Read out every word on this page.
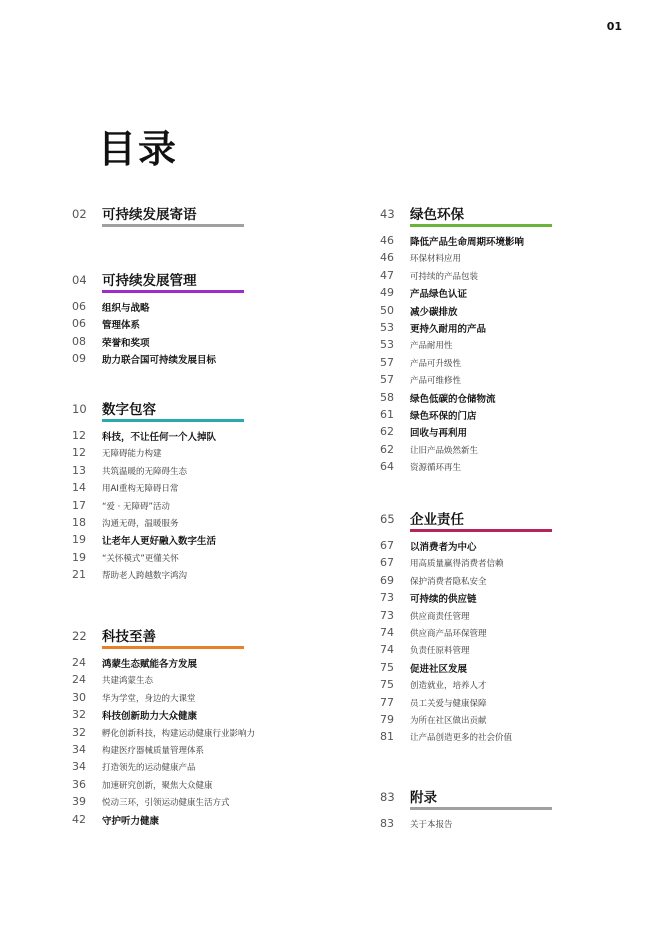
01
目录
02 可持续发展寄语
04 可持续发展管理
06	组织与战略
06	管理体系
08	荣誉和奖项
09	助力联合国可持续发展目标
10 数字包容
12	科技，不让任何一个人掉队
12	无障碍能力构建
13	共筑温暖的无障碍生态
14	用AI重构无障碍日常
17	“爱 · 无障碍”活动
18	沟通无碍，温暖服务
19	让老年人更好融入数字生活
19	“关怀模式”更懂关怀
21	帮助老人跨越数字鸿沟
22 科技至善
24	鸿蒙生态赋能各方发展
24	共建鸿蒙生态
30	华为学堂，身边的大课堂
32	科技创新助力大众健康
32	孵化创新科技，构建运动健康行业影响力
34	构建医疗器械质量管理体系
34	打造领先的运动健康产品
36	加速研究创新，聚焦大众健康
39	悦动三环，引领运动健康生活方式
42	守护听力健康
43 绿色环保
46	降低产品生命周期环境影响
46	环保材料应用
47	可持续的产品包装
49	产品绿色认证
50	减少碳排放
53	更持久耐用的产品
53	产品耐用性
57	产品可升级性
57	产品可维修性
58	绿色低碳的仓储物流
61	绿色环保的门店
62	回收与再利用
62	让旧产品焕然新生
64	资源循环再生
65 企业责任
67	以消费者为中心
67	用高质量赢得消费者信赖
69	保护消费者隐私安全
73	可持续的供应链
73	供应商责任管理
74	供应商产品环保管理
74	负责任原料管理
75	促进社区发展
75	创造就业，培养人才
77	员工关爱与健康保障
79	为所在社区做出贡献
81	让产品创造更多的社会价值
83 附录
83	关于本报告
